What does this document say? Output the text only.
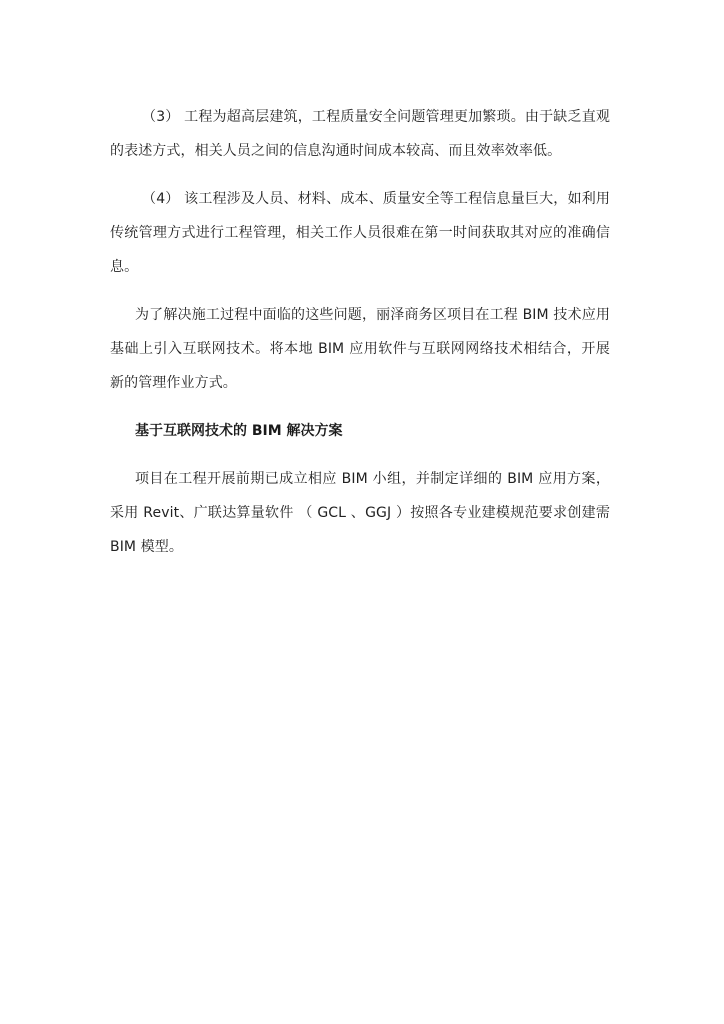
（3） 工程为超高层建筑，工程质量安全问题管理更加繁琐。由于缺乏直观的表述方式，相关人员之间的信息沟通时间成本较高、而且效率效率低。

（4） 该工程涉及人员、材料、成本、质量安全等工程信息量巨大，如利用传统管理方式进行工程管理，相关工作人员很难在第一时间获取其对应的准确信息。

为了解决施工过程中面临的这些问题，丽泽商务区项目在工程 BIM 技术应用基础上引入互联网技术。将本地 BIM 应用软件与互联网网络技术相结合，开展新的管理作业方式。

基于互联网技术的 BIM 解决方案

项目在工程开展前期已成立相应 BIM 小组，并制定详细的 BIM 应用方案，采用 Revit、广联达算量软件 （ GCL 、GGJ ）按照各专业建模规范要求创建需BIM 模型。
